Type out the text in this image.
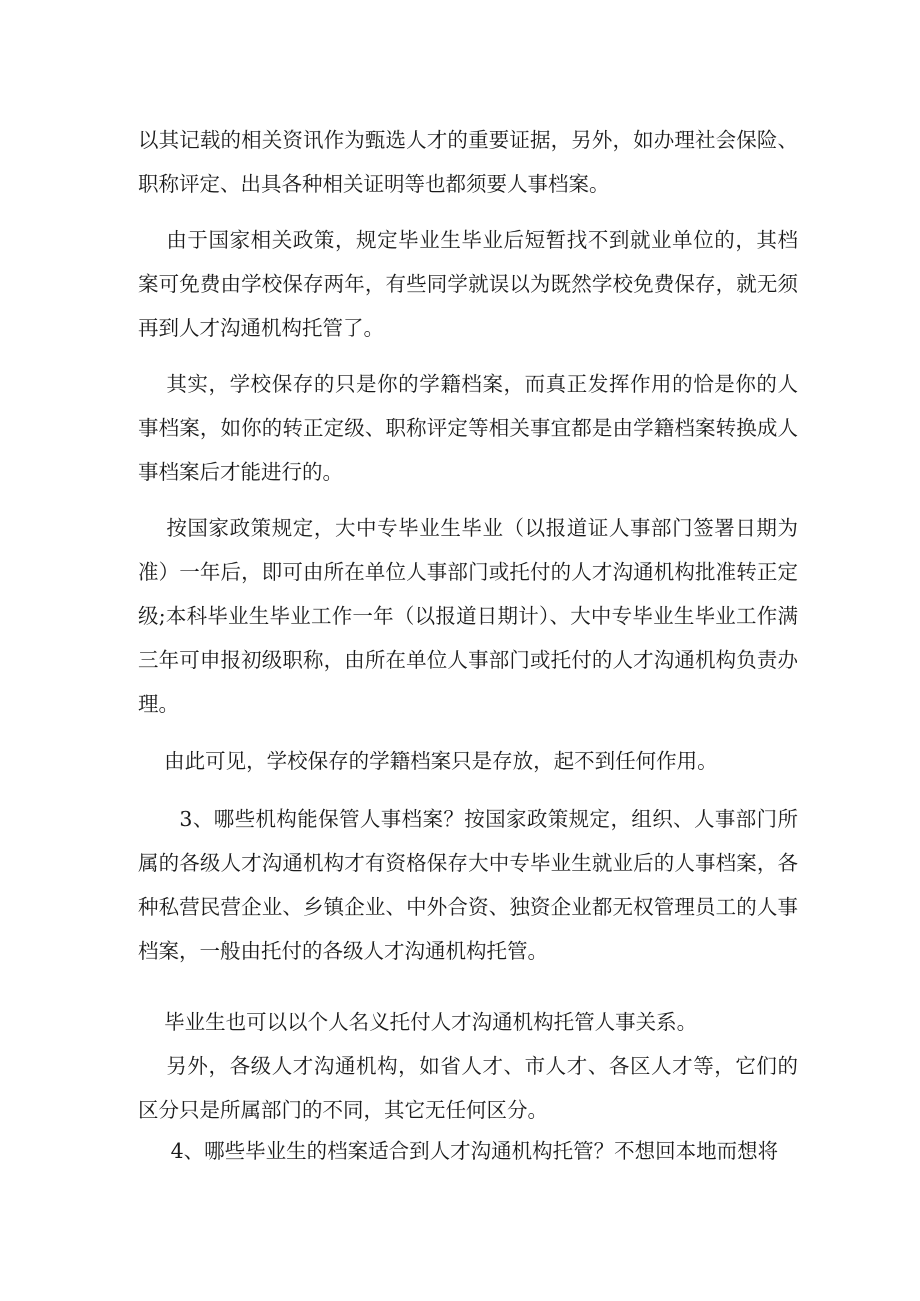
以其记载的相关资讯作为甄选人才的重要证据，另外，如办理社会保险、职称评定、出具各种相关证明等也都须要人事档案。

由于国家相关政策，规定毕业生毕业后短暂找不到就业单位的，其档案可免费由学校保存两年，有些同学就误以为既然学校免费保存，就无须再到人才沟通机构托管了。

其实，学校保存的只是你的学籍档案，而真正发挥作用的恰是你的人事档案，如你的转正定级、职称评定等相关事宜都是由学籍档案转换成人事档案后才能进行的。

按国家政策规定，大中专毕业生毕业（以报道证人事部门签署日期为准）一年后，即可由所在单位人事部门或托付的人才沟通机构批准转正定级;本科毕业生毕业工作一年（以报道日期计）、大中专毕业生毕业工作满三年可申报初级职称，由所在单位人事部门或托付的人才沟通机构负责办理。

由此可见，学校保存的学籍档案只是存放，起不到任何作用。

3、哪些机构能保管人事档案？按国家政策规定，组织、人事部门所属的各级人才沟通机构才有资格保存大中专毕业生就业后的人事档案，各种私营民营企业、乡镇企业、中外合资、独资企业都无权管理员工的人事档案，一般由托付的各级人才沟通机构托管。

毕业生也可以以个人名义托付人才沟通机构托管人事关系。

另外，各级人才沟通机构，如省人才、市人才、各区人才等，它们的区分只是所属部门的不同，其它无任何区分。

4、哪些毕业生的档案适合到人才沟通机构托管？不想回本地而想将
